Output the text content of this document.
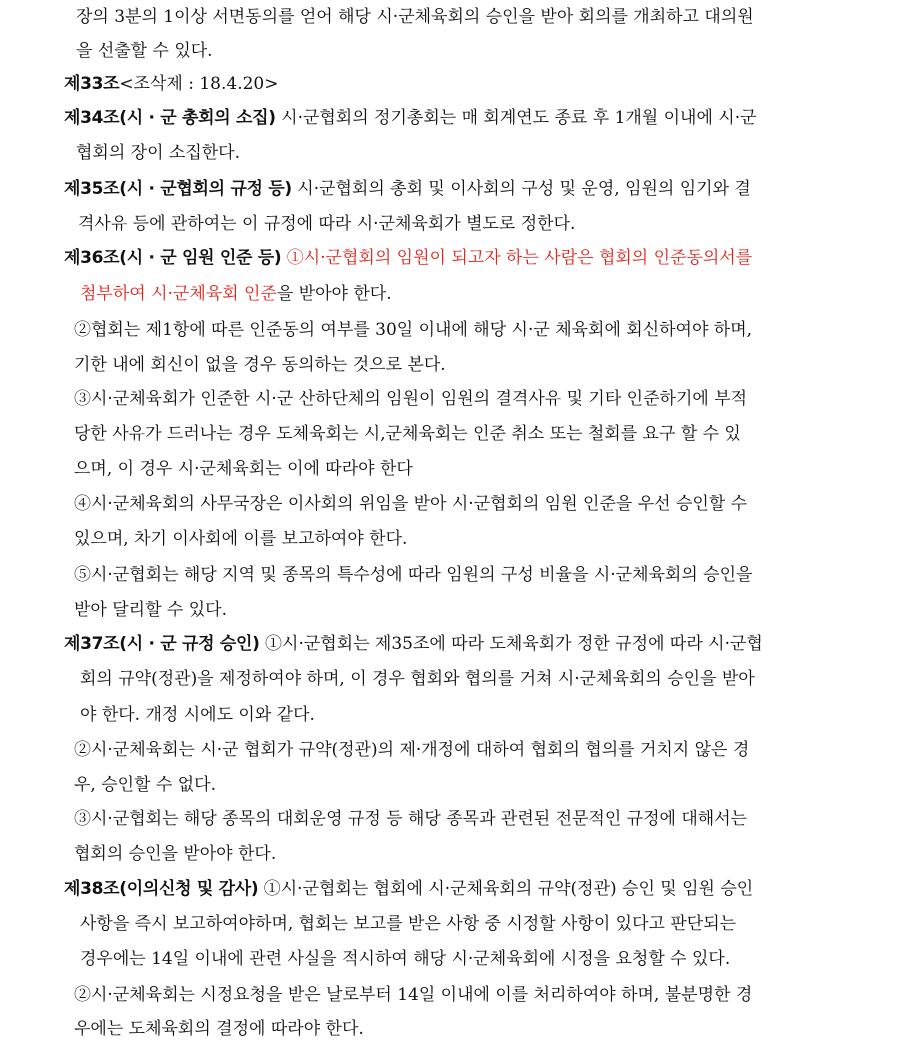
장의 3분의 1이상 서면동의를 얻어 해당 시·군체육회의 승인을 받아 회의를 개최하고 대의원
을 선출할 수 있다.
제33조<조삭제 : 18.4.20>
제34조(시 · 군 총회의 소집) 시·군협회의 정기총회는 매 회계연도 종료 후 1개월 이내에 시·군
협회의 장이 소집한다.
제35조(시 · 군협회의 규정 등) 시·군협회의 총회 및 이사회의 구성 및 운영, 임원의 임기와 결
격사유 등에 관하여는 이 규정에 따라 시·군체육회가 별도로 정한다.
제36조(시 · 군 임원 인준 등) ①시·군협회의 임원이 되고자 하는 사람은 협회의 인준동의서를
첨부하여 시·군체육회 인준을 받아야 한다.
②협회는 제1항에 따른 인준동의 여부를 30일 이내에 해당 시·군 체육회에 회신하여야 하며,
기한 내에 회신이 없을 경우 동의하는 것으로 본다.
③시·군체육회가 인준한 시·군 산하단체의 임원이 임원의 결격사유 및 기타 인준하기에 부적
당한 사유가 드러나는 경우 도체육회는 시,군체육회는 인준 취소 또는 철회를 요구 할 수 있
으며, 이 경우 시·군체육회는 이에 따라야 한다
④시·군체육회의 사무국장은 이사회의 위임을 받아 시·군협회의 임원 인준을 우선 승인할 수
있으며, 차기 이사회에 이를 보고하여야 한다.
⑤시·군협회는 해당 지역 및 종목의 특수성에 따라 임원의 구성 비율을 시·군체육회의 승인을
받아 달리할 수 있다.
제37조(시 · 군 규정 승인) ①시·군협회는 제35조에 따라 도체육회가 정한 규정에 따라 시·군협
회의 규약(정관)을 제정하여야 하며, 이 경우 협회와 협의를 거쳐 시·군체육회의 승인을 받아
야 한다. 개정 시에도 이와 같다.
②시·군체육회는 시·군 협회가 규약(정관)의 제·개정에 대하여 협회의 협의를 거치지 않은 경
우, 승인할 수 없다.
③시·군협회는 해당 종목의 대회운영 규정 등 해당 종목과 관련된 전문적인 규정에 대해서는
협회의 승인을 받아야 한다.
제38조(이의신청 및 감사) ①시·군협회는 협회에 시·군체육회의 규약(정관) 승인 및 임원 승인
사항을 즉시 보고하여야하며, 협회는 보고를 받은 사항 중 시정할 사항이 있다고 판단되는
경우에는 14일 이내에 관련 사실을 적시하여 해당 시·군체육회에 시정을 요청할 수 있다.
②시·군체육회는 시정요청을 받은 날로부터 14일 이내에 이를 처리하여야 하며, 불분명한 경
우에는 도체육회의 결정에 따라야 한다.
